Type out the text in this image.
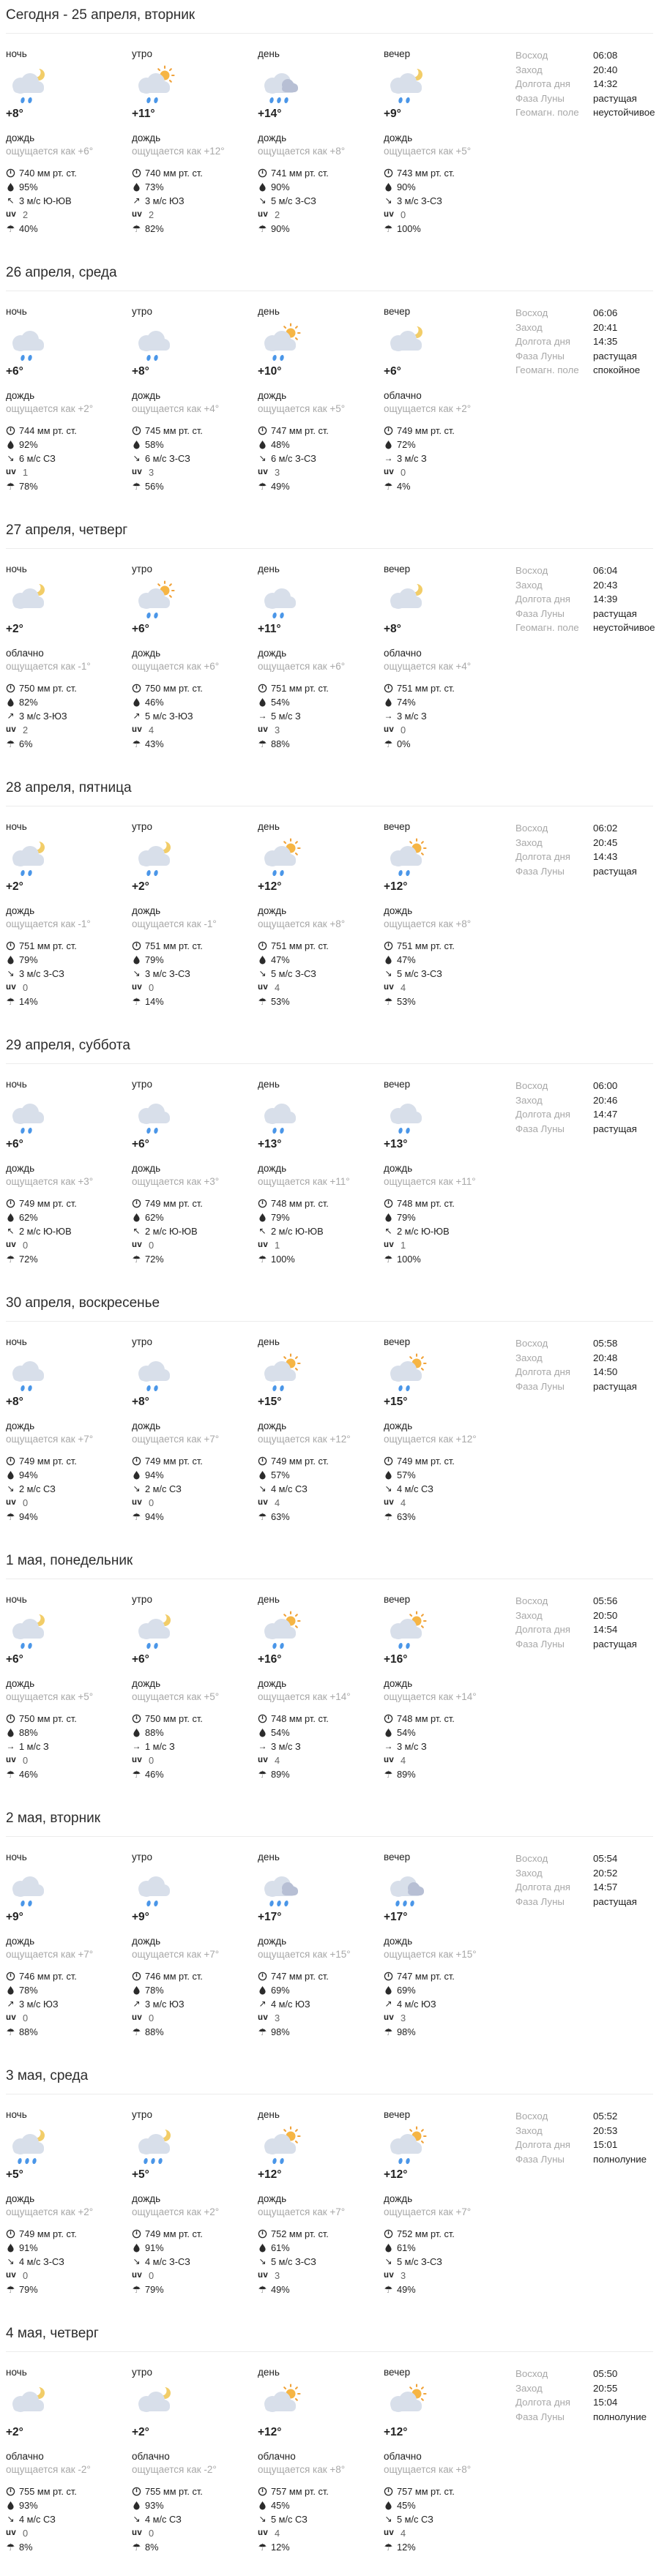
Сегодня - 25 апреля, вторник
ночь
+8°
дождь
ощущается как +6°
740 мм рт. ст.
95%
↖ 3 м/с Ю-ЮВ
uv 2
☂ 40%
утро
+11°
дождь
ощущается как +12°
740 мм рт. ст.
73%
↗ 3 м/с ЮЗ
uv 2
☂ 82%
день
+14°
дождь
ощущается как +8°
741 мм рт. ст.
90%
↘ 5 м/с З-СЗ
uv 2
☂ 90%
вечер
+9°
дождь
ощущается как +5°
743 мм рт. ст.
90%
↘ 3 м/с З-СЗ
uv 0
☂ 100%
Восход	06:08
Заход	20:40
Долгота дня	14:32
Фаза Луны	растущая
Геомагн. поле	неустойчивое
26 апреля, среда
ночь
+6°
дождь
ощущается как +2°
744 мм рт. ст.
92%
↘ 6 м/с СЗ
uv 1
☂ 78%
утро
+8°
дождь
ощущается как +4°
745 мм рт. ст.
58%
↘ 6 м/с З-СЗ
uv 3
☂ 56%
день
+10°
дождь
ощущается как +5°
747 мм рт. ст.
48%
↘ 6 м/с З-СЗ
uv 3
☂ 49%
вечер
+6°
облачно
ощущается как +2°
749 мм рт. ст.
72%
→ 3 м/с З
uv 0
☂ 4%
Восход	06:06
Заход	20:41
Долгота дня	14:35
Фаза Луны	растущая
Геомагн. поле	спокойное
27 апреля, четверг
ночь
+2°
облачно
ощущается как -1°
750 мм рт. ст.
82%
↗ 3 м/с З-ЮЗ
uv 2
☂ 6%
утро
+6°
дождь
ощущается как +6°
750 мм рт. ст.
46%
↗ 5 м/с З-ЮЗ
uv 4
☂ 43%
день
+11°
дождь
ощущается как +6°
751 мм рт. ст.
54%
→ 5 м/с З
uv 3
☂ 88%
вечер
+8°
облачно
ощущается как +4°
751 мм рт. ст.
74%
→ 3 м/с З
uv 0
☂ 0%
Восход	06:04
Заход	20:43
Долгота дня	14:39
Фаза Луны	растущая
Геомагн. поле	неустойчивое
28 апреля, пятница
ночь
+2°
дождь
ощущается как -1°
751 мм рт. ст.
79%
↘ 3 м/с З-СЗ
uv 0
☂ 14%
утро
+2°
дождь
ощущается как -1°
751 мм рт. ст.
79%
↘ 3 м/с З-СЗ
uv 0
☂ 14%
день
+12°
дождь
ощущается как +8°
751 мм рт. ст.
47%
↘ 5 м/с З-СЗ
uv 4
☂ 53%
вечер
+12°
дождь
ощущается как +8°
751 мм рт. ст.
47%
↘ 5 м/с З-СЗ
uv 4
☂ 53%
Восход	06:02
Заход	20:45
Долгота дня	14:43
Фаза Луны	растущая
29 апреля, суббота
ночь
+6°
дождь
ощущается как +3°
749 мм рт. ст.
62%
↖ 2 м/с Ю-ЮВ
uv 0
☂ 72%
утро
+6°
дождь
ощущается как +3°
749 мм рт. ст.
62%
↖ 2 м/с Ю-ЮВ
uv 0
☂ 72%
день
+13°
дождь
ощущается как +11°
748 мм рт. ст.
79%
↖ 2 м/с Ю-ЮВ
uv 1
☂ 100%
вечер
+13°
дождь
ощущается как +11°
748 мм рт. ст.
79%
↖ 2 м/с Ю-ЮВ
uv 1
☂ 100%
Восход	06:00
Заход	20:46
Долгота дня	14:47
Фаза Луны	растущая
30 апреля, воскресенье
ночь
+8°
дождь
ощущается как +7°
749 мм рт. ст.
94%
↘ 2 м/с СЗ
uv 0
☂ 94%
утро
+8°
дождь
ощущается как +7°
749 мм рт. ст.
94%
↘ 2 м/с СЗ
uv 0
☂ 94%
день
+15°
дождь
ощущается как +12°
749 мм рт. ст.
57%
↘ 4 м/с СЗ
uv 4
☂ 63%
вечер
+15°
дождь
ощущается как +12°
749 мм рт. ст.
57%
↘ 4 м/с СЗ
uv 4
☂ 63%
Восход	05:58
Заход	20:48
Долгота дня	14:50
Фаза Луны	растущая
1 мая, понедельник
ночь
+6°
дождь
ощущается как +5°
750 мм рт. ст.
88%
→ 1 м/с З
uv 0
☂ 46%
утро
+6°
дождь
ощущается как +5°
750 мм рт. ст.
88%
→ 1 м/с З
uv 0
☂ 46%
день
+16°
дождь
ощущается как +14°
748 мм рт. ст.
54%
→ 3 м/с З
uv 4
☂ 89%
вечер
+16°
дождь
ощущается как +14°
748 мм рт. ст.
54%
→ 3 м/с З
uv 4
☂ 89%
Восход	05:56
Заход	20:50
Долгота дня	14:54
Фаза Луны	растущая
2 мая, вторник
ночь
+9°
дождь
ощущается как +7°
746 мм рт. ст.
78%
↗ 3 м/с ЮЗ
uv 0
☂ 88%
утро
+9°
дождь
ощущается как +7°
746 мм рт. ст.
78%
↗ 3 м/с ЮЗ
uv 0
☂ 88%
день
+17°
дождь
ощущается как +15°
747 мм рт. ст.
69%
↗ 4 м/с ЮЗ
uv 3
☂ 98%
вечер
+17°
дождь
ощущается как +15°
747 мм рт. ст.
69%
↗ 4 м/с ЮЗ
uv 3
☂ 98%
Восход	05:54
Заход	20:52
Долгота дня	14:57
Фаза Луны	растущая
3 мая, среда
ночь
+5°
дождь
ощущается как +2°
749 мм рт. ст.
91%
↘ 4 м/с З-СЗ
uv 0
☂ 79%
утро
+5°
дождь
ощущается как +2°
749 мм рт. ст.
91%
↘ 4 м/с З-СЗ
uv 0
☂ 79%
день
+12°
дождь
ощущается как +7°
752 мм рт. ст.
61%
↘ 5 м/с З-СЗ
uv 3
☂ 49%
вечер
+12°
дождь
ощущается как +7°
752 мм рт. ст.
61%
↘ 5 м/с З-СЗ
uv 3
☂ 49%
Восход	05:52
Заход	20:53
Долгота дня	15:01
Фаза Луны	полнолуние
4 мая, четверг
ночь
+2°
облачно
ощущается как -2°
755 мм рт. ст.
93%
↘ 4 м/с СЗ
uv 0
☂ 8%
утро
+2°
облачно
ощущается как -2°
755 мм рт. ст.
93%
↘ 4 м/с СЗ
uv 0
☂ 8%
день
+12°
облачно
ощущается как +8°
757 мм рт. ст.
45%
↘ 5 м/с СЗ
uv 4
☂ 12%
вечер
+12°
облачно
ощущается как +8°
757 мм рт. ст.
45%
↘ 5 м/с СЗ
uv 4
☂ 12%
Восход	05:50
Заход	20:55
Долгота дня	15:04
Фаза Луны	полнолуние
